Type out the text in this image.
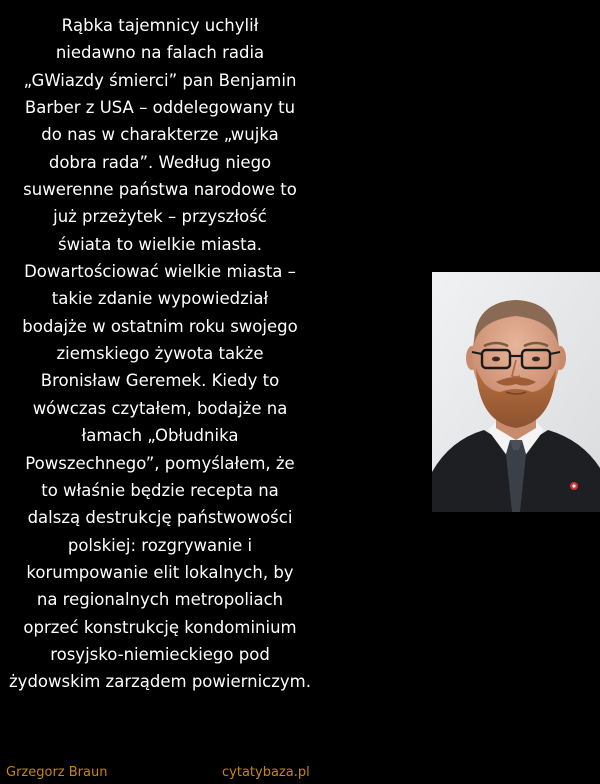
Rąbka tajemnicy uchylił
niedawno na falach radia
„GWiazdy śmierci” pan Benjamin
Barber z USA – oddelegowany tu
do nas w charakterze „wujka
dobra rada”. Według niego
suwerenne państwa narodowe to
już przeżytek – przyszłość
świata to wielkie miasta.
Dowartościować wielkie miasta –
takie zdanie wypowiedział
bodajże w ostatnim roku swojego
ziemskiego żywota także
Bronisław Geremek. Kiedy to
wówczas czytałem, bodajże na
łamach „Obłudnika
Powszechnego”, pomyślałem, że
to właśnie będzie recepta na
dalszą destrukcję państwowości
polskiej: rozgrywanie i
korumpowanie elit lokalnych, by
na regionalnych metropoliach
oprzeć konstrukcję kondominium
rosyjsko-niemieckiego pod
żydowskim zarządem powierniczym.
Grzegorz Braun	cytatybaza.pl
